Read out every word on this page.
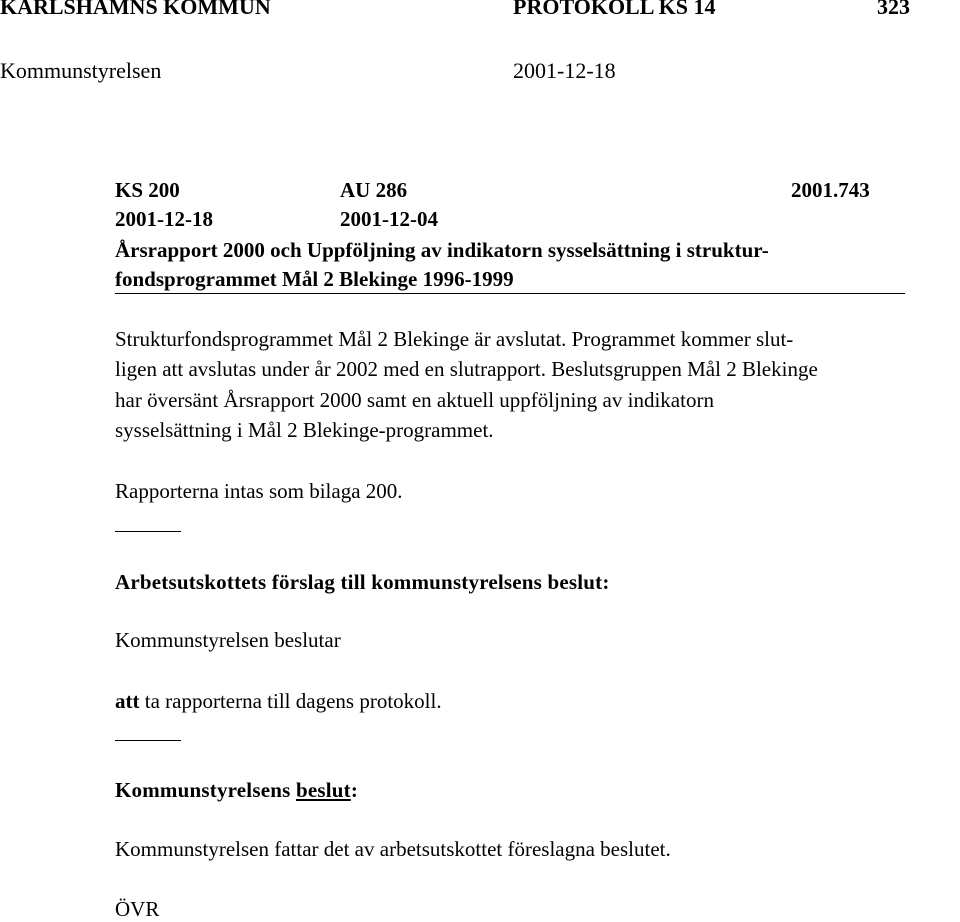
KARLSHAMNS KOMMUN	PROTOKOLL KS 14	323
Kommunstyrelsen	2001-12-18
KS 200	AU 286	2001.743
2001-12-18	2001-12-04
Årsrapport 2000 och Uppföljning av indikatorn sysselsättning i struktur-
fondsprogrammet Mål 2 Blekinge 1996-1999
Strukturfondsprogrammet Mål 2 Blekinge är avslutat. Programmet kommer slut-
ligen att avslutas under år 2002 med en slutrapport. Beslutsgruppen Mål 2 Blekinge
har översänt Årsrapport 2000 samt en aktuell uppföljning av indikatorn
sysselsättning i Mål 2 Blekinge-programmet.
Rapporterna intas som bilaga 200.
Arbetsutskottets förslag till kommunstyrelsens beslut:
Kommunstyrelsen beslutar
att ta rapporterna till dagens protokoll.
Kommunstyrelsens beslut:
Kommunstyrelsen fattar det av arbetsutskottet föreslagna beslutet.
ÖVR
